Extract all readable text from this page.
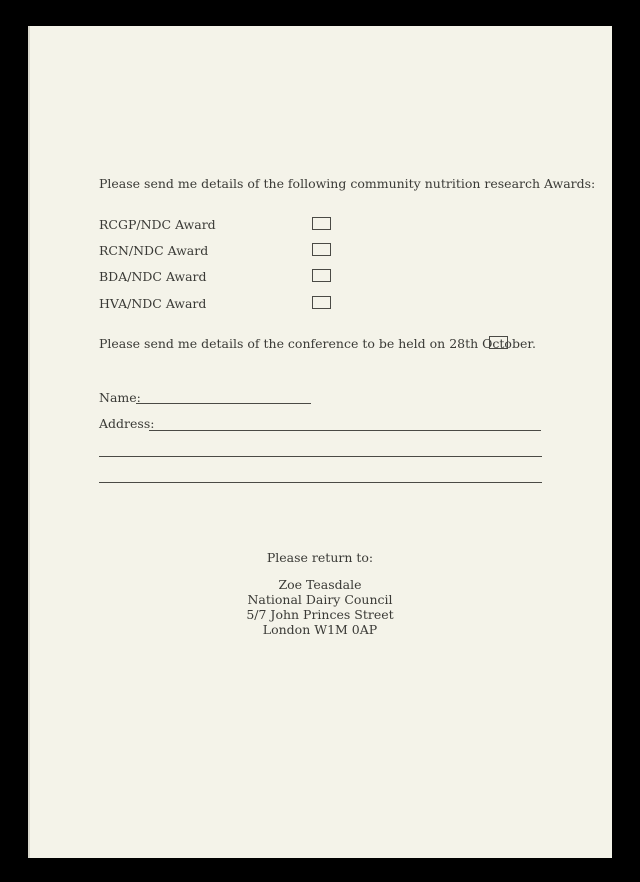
Please send me details of the following community nutrition research Awards:
RCGP/NDC Award
RCN/NDC Award
BDA/NDC Award
HVA/NDC Award
Please send me details of the conference to be held on 28th October.
Name:
Address:
Please return to:
Zoe Teasdale
National Dairy Council
5/7 John Princes Street
London W1M 0AP
